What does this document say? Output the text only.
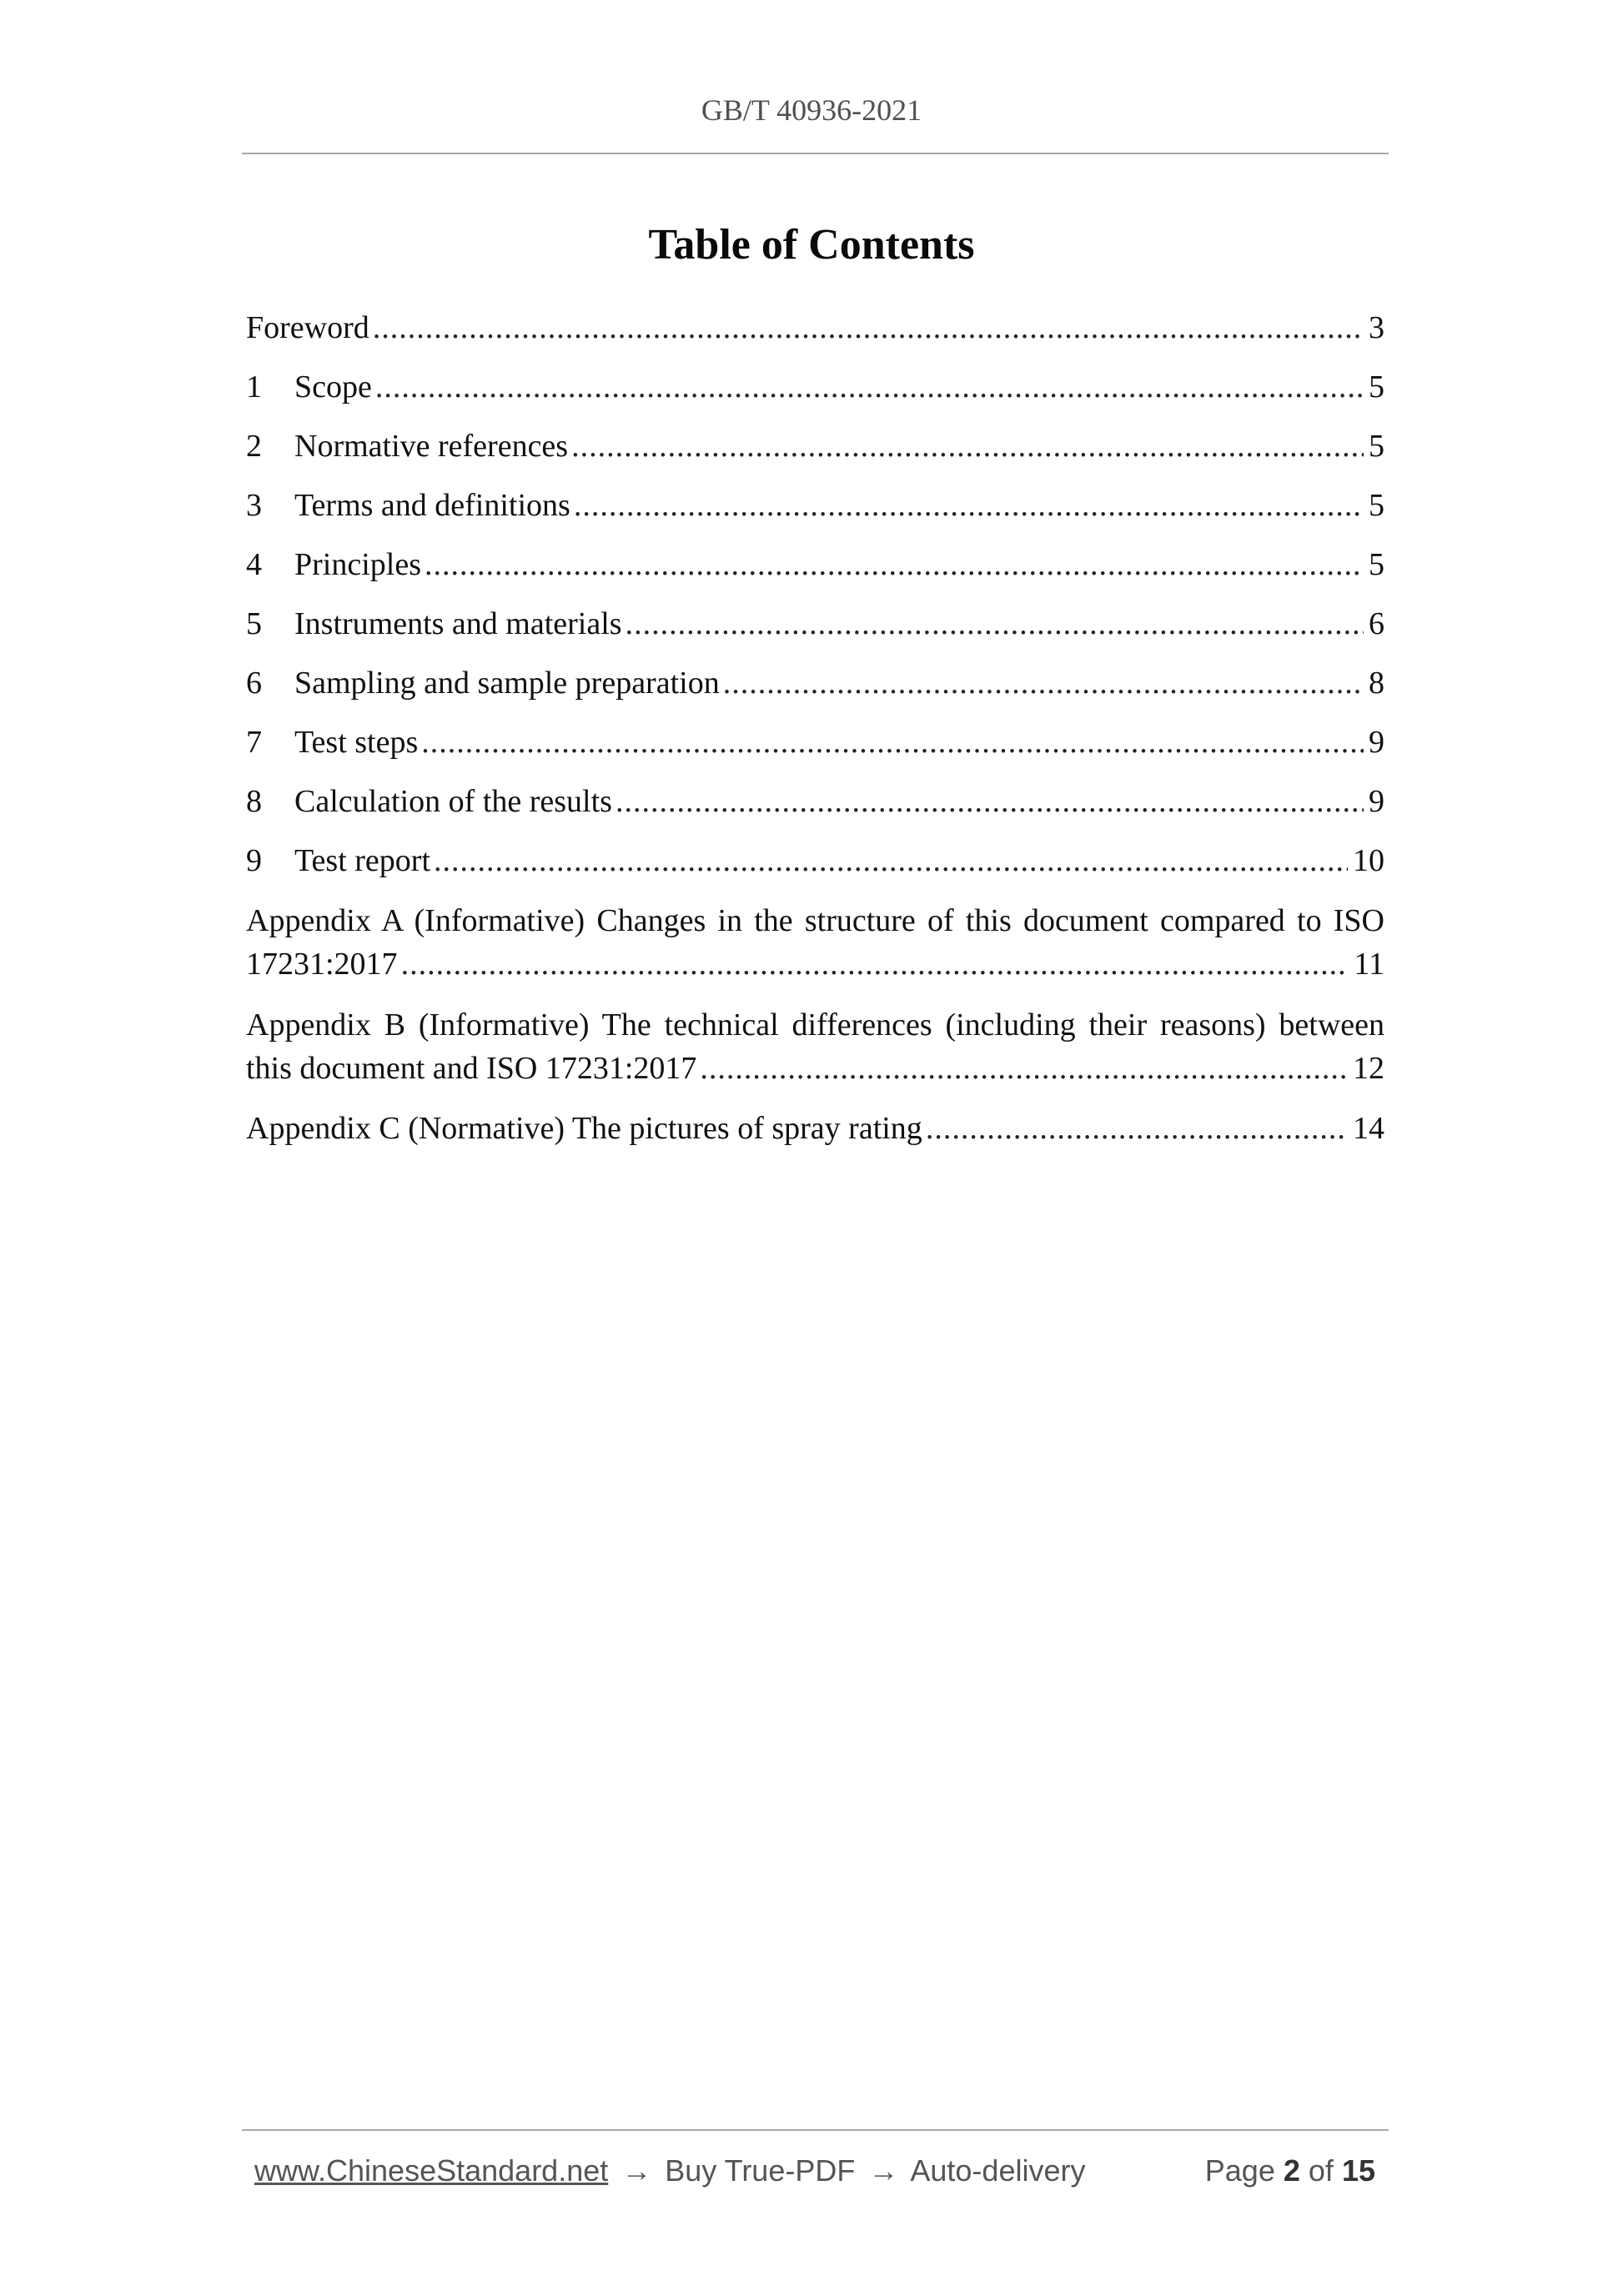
GB/T 40936-2021
Table of Contents
Foreword .....	3
1	Scope .....	5
2	Normative references .....	5
3	Terms and definitions .....	5
4	Principles .....	5
5	Instruments and materials .....	6
6	Sampling and sample preparation .....	8
7	Test steps .....	9
8	Calculation of the results .....	9
9	Test report .....	10
Appendix A (Informative) Changes in the structure of this document compared to ISO
17231:2017 .....	11
Appendix B (Informative) The technical differences (including their reasons) between
this document and ISO 17231:2017 .....	12
Appendix C (Normative) The pictures of spray rating .....	14
www.ChineseStandard.net → Buy True-PDF → Auto-delivery	Page 2 of 15
